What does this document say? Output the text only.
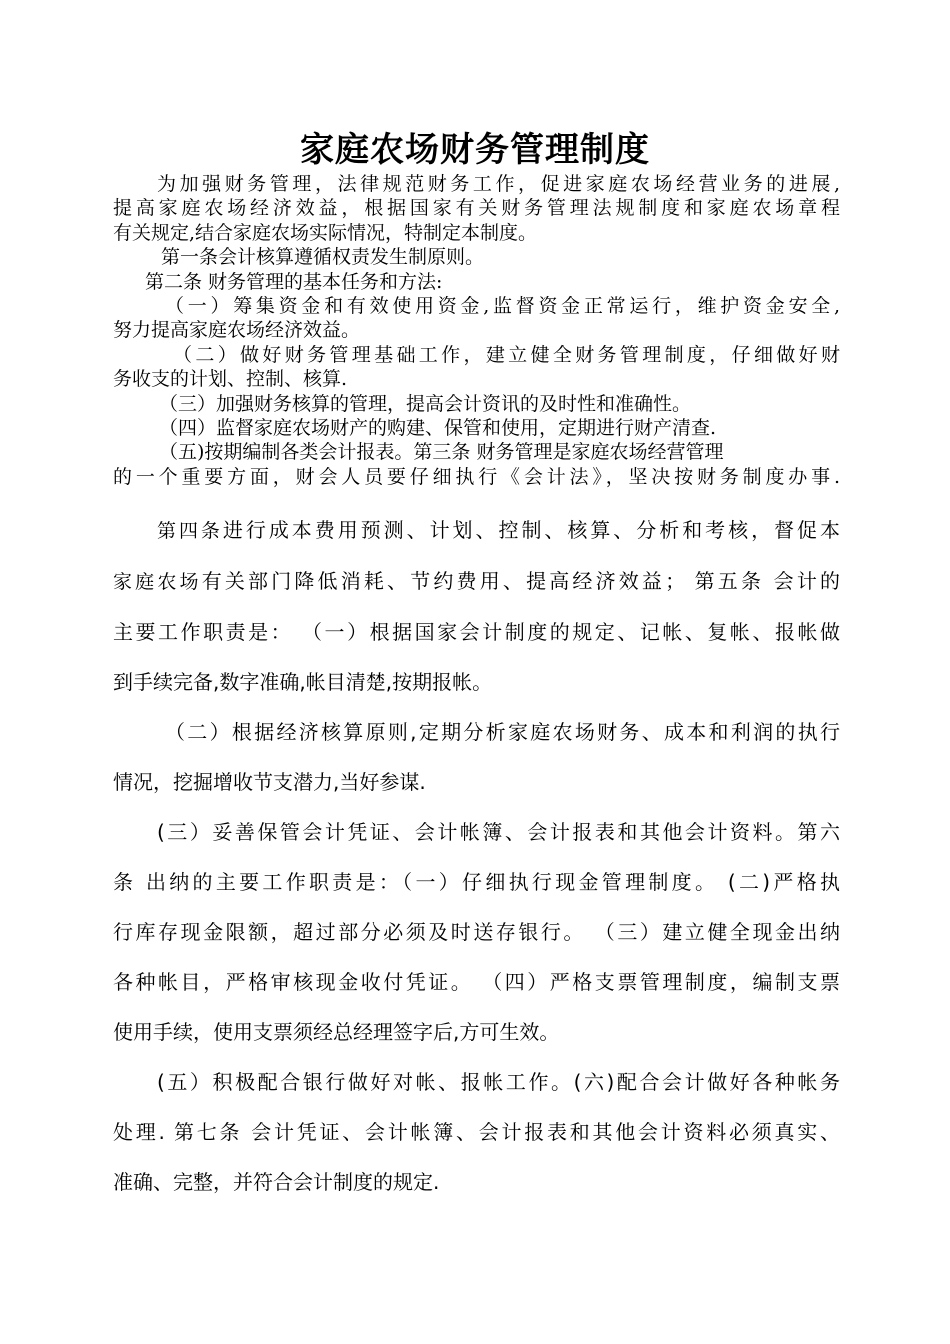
家庭农场财务管理制度

为加强财务管理，法律规范财务工作，促进家庭农场经营业务的进展,

提高家庭农场经济效益，根据国家有关财务管理法规制度和家庭农场章程

有关规定,结合家庭农场实际情况，特制定本制度。

第一条会计核算遵循权责发生制原则。

第二条 财务管理的基本任务和方法:

（一）筹集资金和有效使用资金,监督资金正常运行，维护资金安全,

努力提高家庭农场经济效益。

（二）做好财务管理基础工作，建立健全财务管理制度，仔细做好财

务收支的计划、控制、核算.

（三）加强财务核算的管理，提高会计资讯的及时性和准确性。

（四）监督家庭农场财产的购建、保管和使用，定期进行财产清查.

（五)按期编制各类会计报表。第三条 财务管理是家庭农场经营管理

的一个重要方面，财会人员要仔细执行《会计法》，坚决按财务制度办事.

第四条进行成本费用预测、计划、控制、核算、分析和考核，督促本

家庭农场有关部门降低消耗、节约费用、提高经济效益； 第五条 会计的

主要工作职责是： （一）根据国家会计制度的规定、记帐、复帐、报帐做

到手续完备,数字准确,帐目清楚,按期报帐。

（二）根据经济核算原则,定期分析家庭农场财务、成本和利润的执行

情况，挖掘增收节支潜力,当好参谋.

(三）妥善保管会计凭证、会计帐簿、会计报表和其他会计资料。第六

条 出纳的主要工作职责是：（一）仔细执行现金管理制度。 (二)严格执

行库存现金限额，超过部分必须及时送存银行。 （三）建立健全现金出纳

各种帐目，严格审核现金收付凭证。 （四）严格支票管理制度，编制支票

使用手续，使用支票须经总经理签字后,方可生效。

(五）积极配合银行做好对帐、报帐工作。(六)配合会计做好各种帐务

处理. 第七条 会计凭证、会计帐簿、会计报表和其他会计资料必须真实、

准确、完整，并符合会计制度的规定.
